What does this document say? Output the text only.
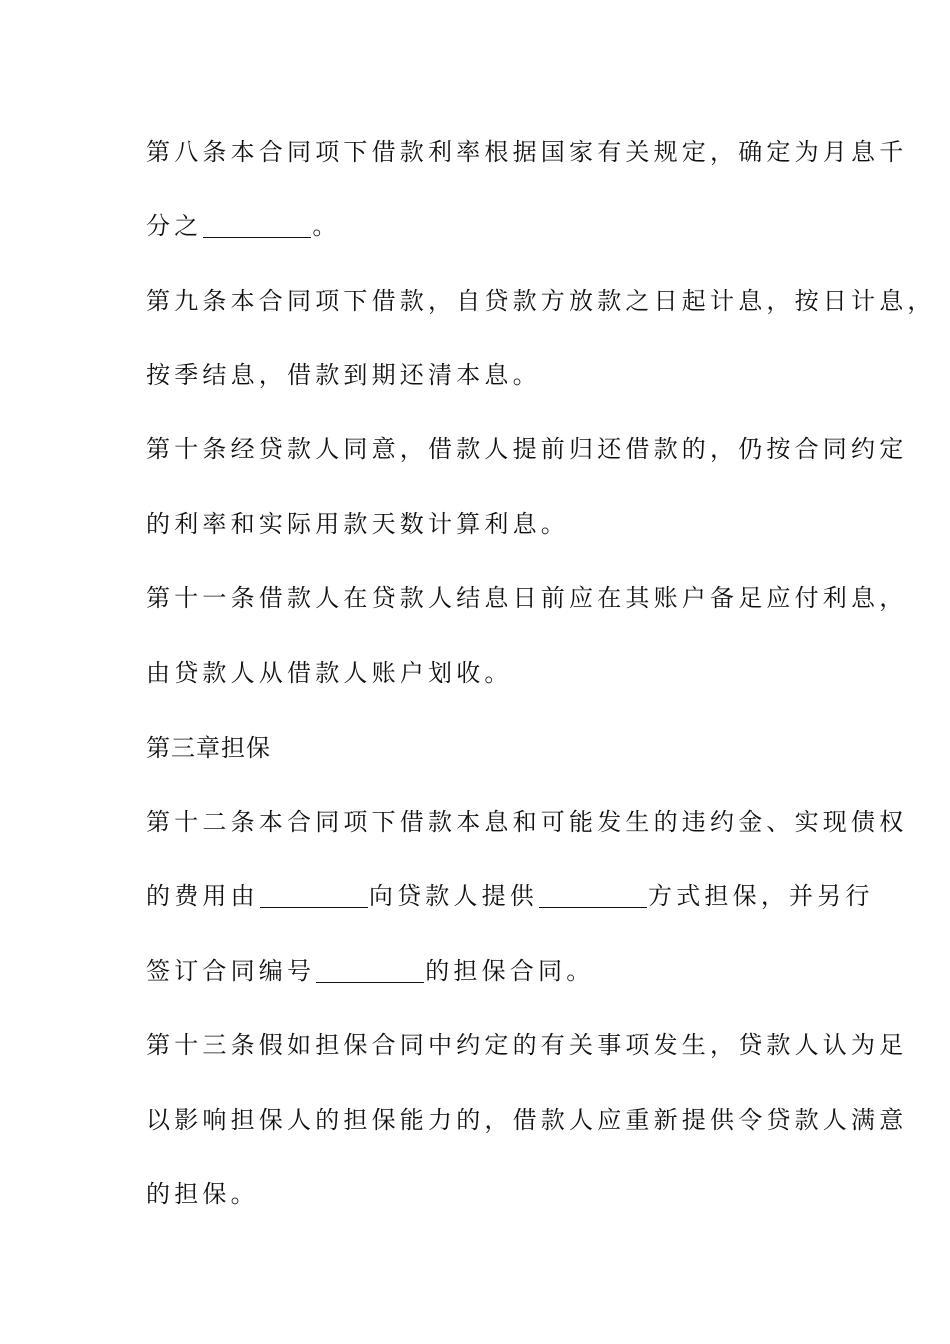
第八条本合同项下借款利率根据国家有关规定，确定为月息千
分之	。
第九条本合同项下借款，自贷款方放款之日起计息，按日计息，
按季结息，借款到期还清本息。
第十条经贷款人同意，借款人提前归还借款的，仍按合同约定
的利率和实际用款天数计算利息。
第十一条借款人在贷款人结息日前应在其账户备足应付利息，
由贷款人从借款人账户划收。
第三章担保
第十二条本合同项下借款本息和可能发生的违约金、实现债权
的费用由	向贷款人提供	方式担保，并另行
签订合同编号	的担保合同。
第十三条假如担保合同中约定的有关事项发生，贷款人认为足
以影响担保人的担保能力的，借款人应重新提供令贷款人满意
的担保。
